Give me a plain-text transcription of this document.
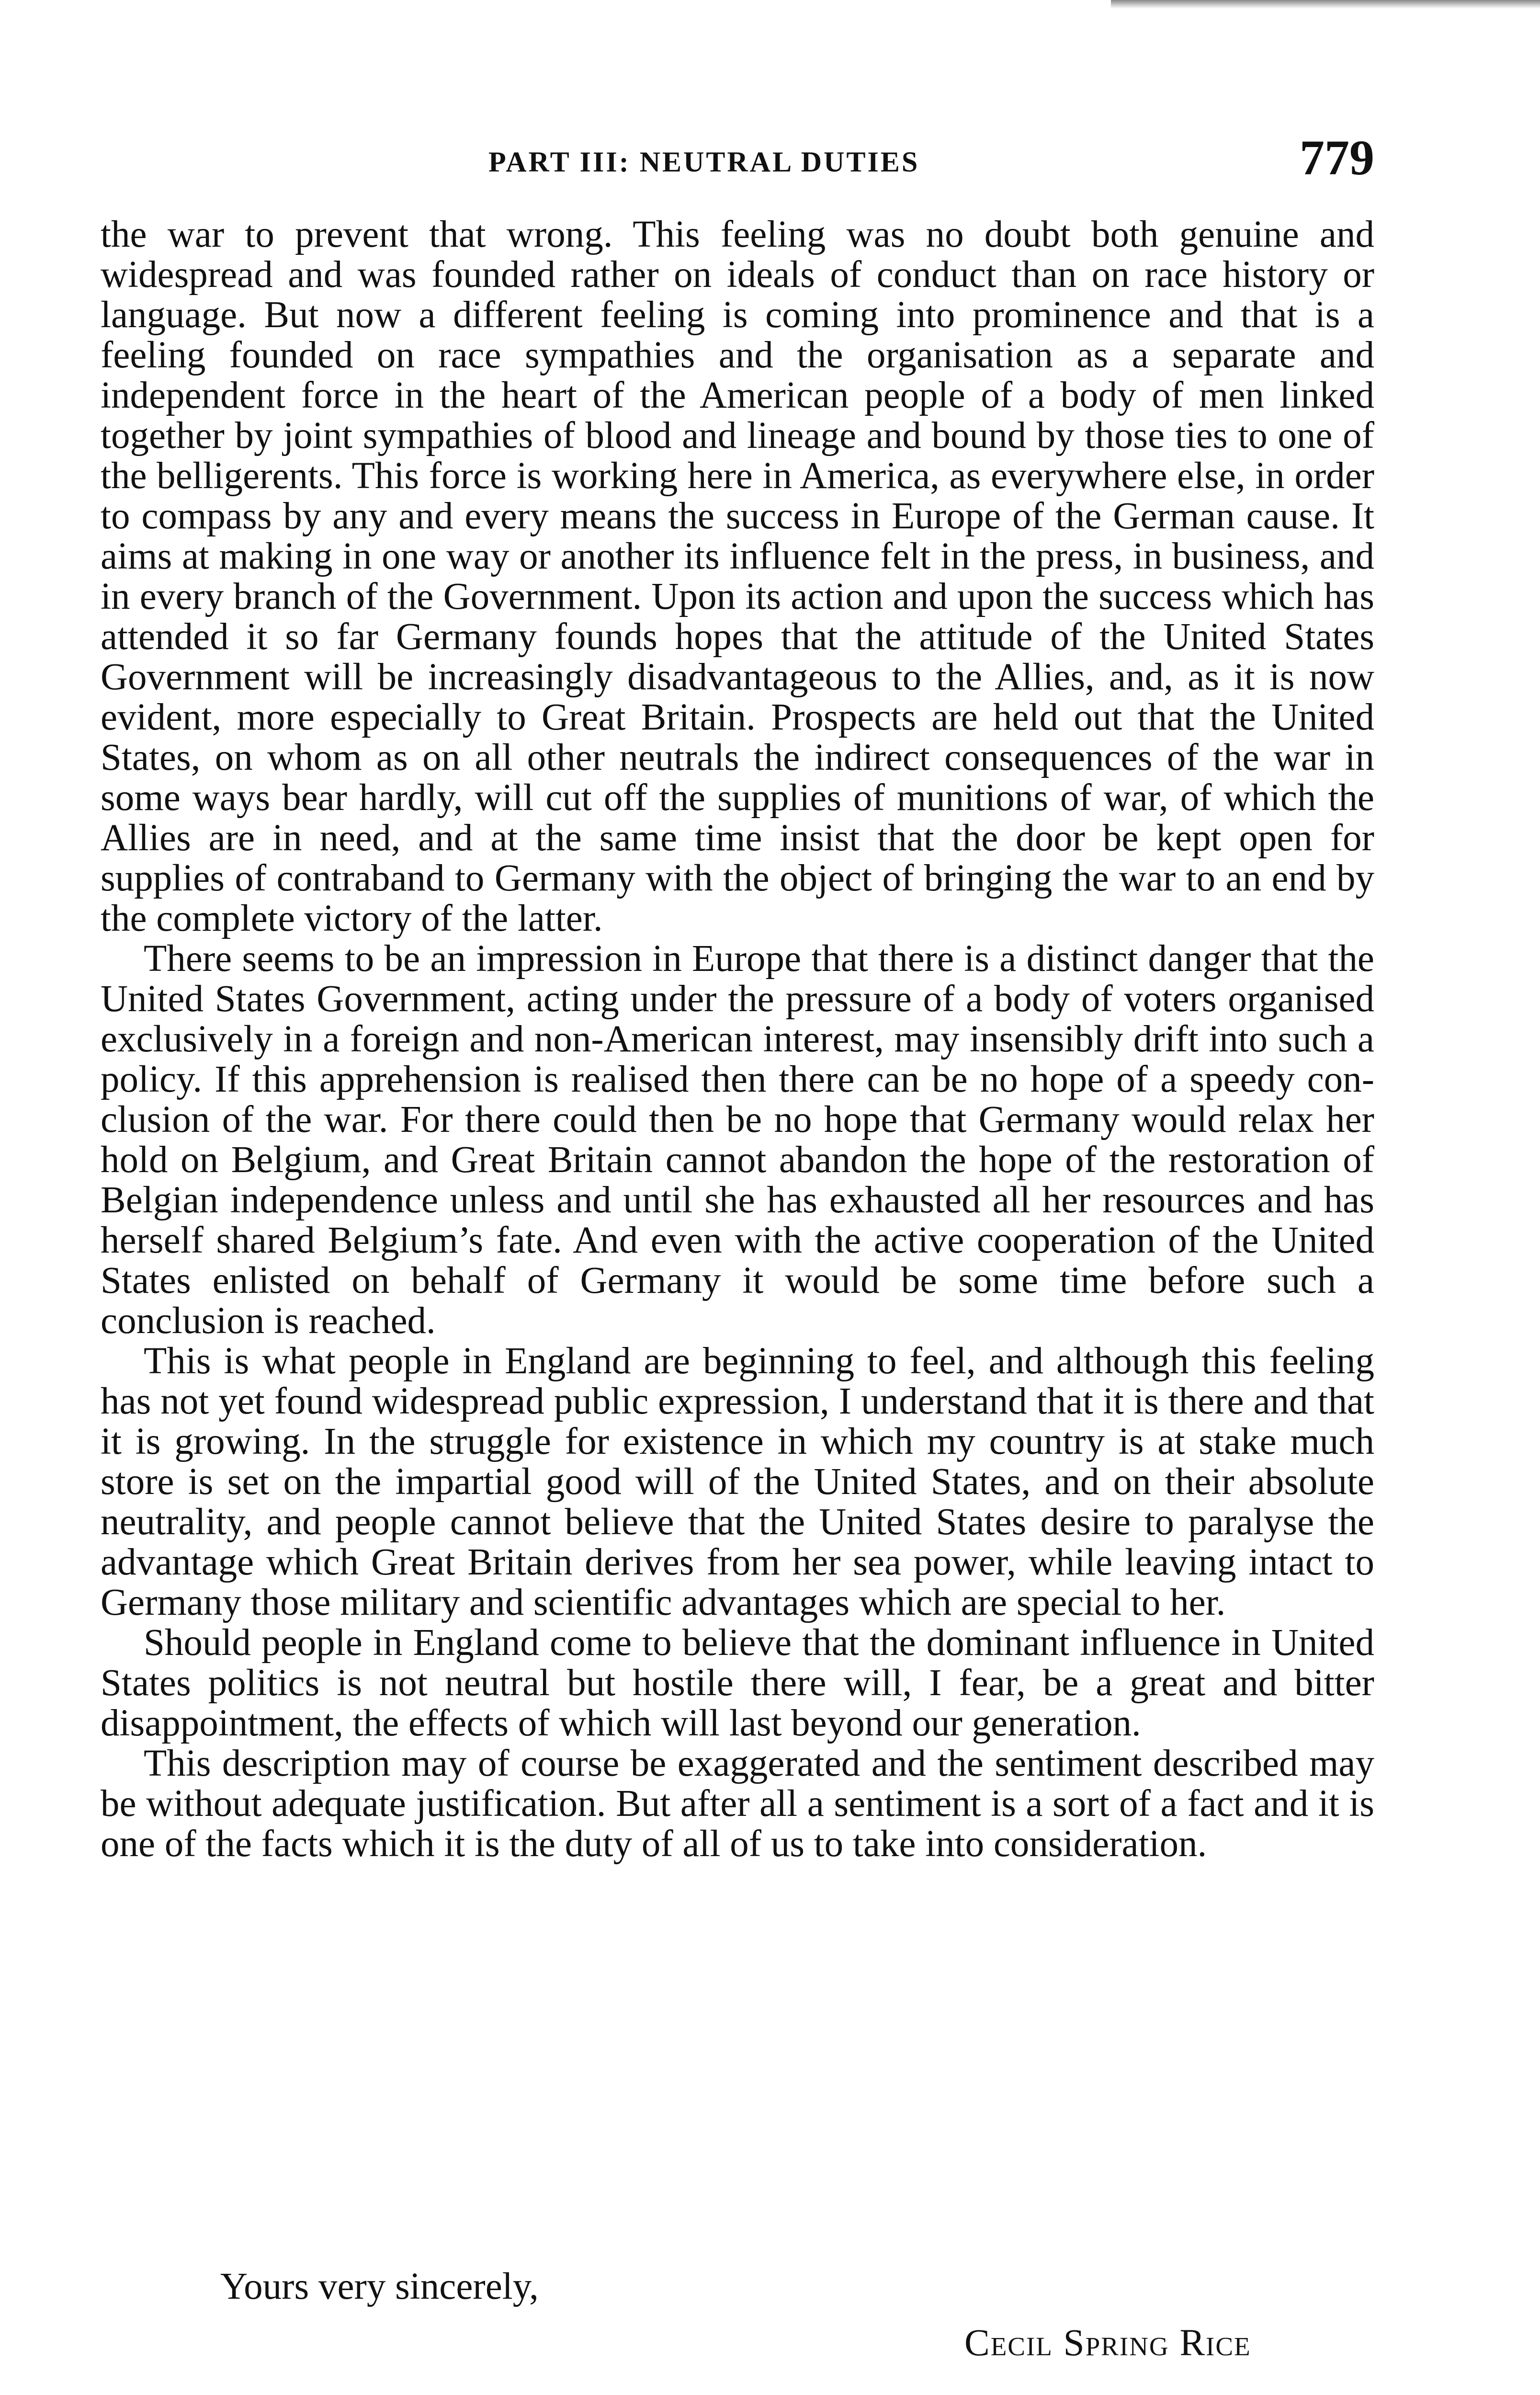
PART III: NEUTRAL DUTIES	779

the war to prevent that wrong. This feeling was no doubt both genuine and widespread and was founded rather on ideals of conduct than on race history or language. But now a different feeling is coming into prominence and that is a feeling founded on race sympathies and the organisation as a separate and independent force in the heart of the American people of a body of men linked together by joint sympathies of blood and lineage and bound by those ties to one of the belligerents. This force is working here in America, as everywhere else, in order to compass by any and every means the success in Europe of the German cause. It aims at making in one way or another its influence felt in the press, in business, and in every branch of the Government. Upon its action and upon the success which has attended it so far Germany founds hopes that the attitude of the United States Government will be increasingly disadvantageous to the Allies, and, as it is now evident, more especially to Great Britain. Prospects are held out that the United States, on whom as on all other neutrals the indirect consequences of the war in some ways bear hardly, will cut off the supplies of munitions of war, of which the Allies are in need, and at the same time insist that the door be kept open for supplies of contraband to Germany with the object of bringing the war to an end by the complete victory of the latter.

There seems to be an impression in Europe that there is a distinct danger that the United States Government, acting under the pressure of a body of voters organised exclusively in a foreign and non-American interest, may insensibly drift into such a policy. If this apprehension is realised then there can be no hope of a speedy conclusion of the war. For there could then be no hope that Germany would relax her hold on Belgium, and Great Britain cannot abandon the hope of the restoration of Belgian independence unless and until she has exhausted all her resources and has herself shared Belgium’s fate. And even with the active cooperation of the United States enlisted on behalf of Germany it would be some time before such a conclusion is reached.

This is what people in England are beginning to feel, and although this feeling has not yet found widespread public expression, I understand that it is there and that it is growing. In the struggle for existence in which my country is at stake much store is set on the impartial good will of the United States, and on their absolute neutrality, and people cannot believe that the United States desire to paralyse the advantage which Great Britain derives from her sea power, while leaving intact to Germany those military and scientific advantages which are special to her.

Should people in England come to believe that the dominant influence in United States politics is not neutral but hostile there will, I fear, be a great and bitter disappointment, the effects of which will last beyond our generation.

This description may of course be exaggerated and the sentiment described may be without adequate justification. But after all a sentiment is a sort of a fact and it is one of the facts which it is the duty of all of us to take into consideration.

Yours very sincerely,
Cecil Spring Rice
